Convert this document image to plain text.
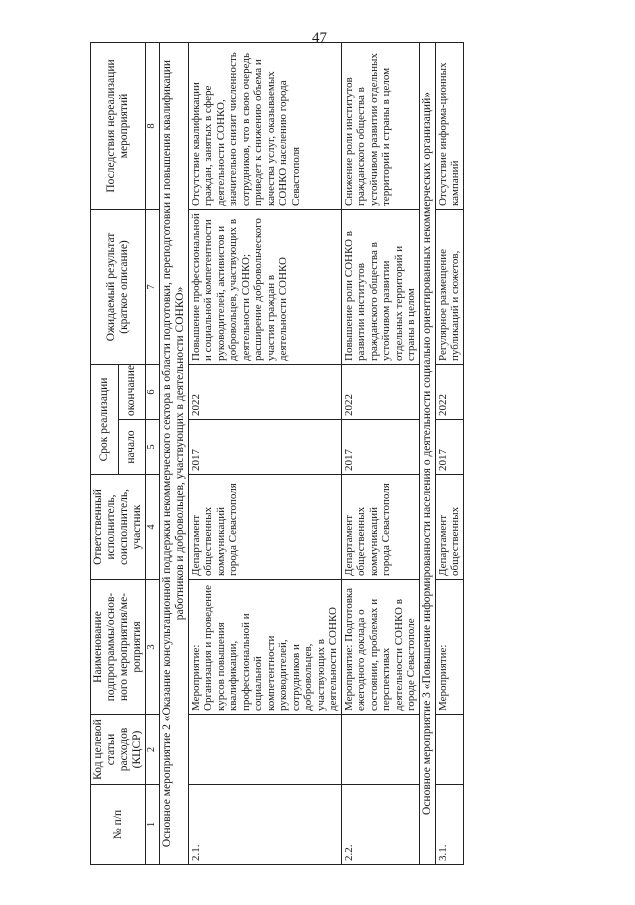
47
№ п/п	Код целевой статьи расходов (КЦСР)	Наименование подпрограммы/основ-ного мероприятия/ме-роприятия	Ответственный исполнитель, соисполнитель, участник	Срок реализации		Ожидаемый результат (краткое описание)	Последствия нереализации мероприятий
				начало	окончание		
1	2	3	4	5	6	7	8
Основное мероприятие 2 «Оказание консультационной поддержки некоммерческого сектора в области подготовки, переподготовки и повышения квалификации работников и добровольцев, участвующих в деятельности СОНКО»							
2.1.		Мероприятие: Организация и проведение курсов повышения квалификации, профессиональной и социальной компетентности руководителей, сотрудников и добровольцев, участвующих в деятельности СОНКО	Департамент общественных коммуникаций города Севастополя	2017	2022	Повышение профессиональной и социальной компетентности руководителей, активистов и добровольцев, участвующих в деятельности СОНКО; расширение добровольческого участия граждан в деятельности СОНКО	Отсутствие квалификации граждан, занятых в сфере деятельности СОНКО, значительно снизит численность сотрудников, что в свою очередь приведет к снижению объема и качества услуг, оказываемых СОНКО населению города Севастополя
2.2.		Мероприятие: Подготовка ежегодного доклада о состоянии, проблемах и перспективах деятельности СОНКО в городе Севастополе	Департамент общественных коммуникаций города Севастополя	2017	2022	Повышение роли СОНКО в развитии институтов гражданского общества в устойчивом развитии отдельных территорий и страны в целом	Снижение роли институтов гражданского общества в устойчивом развитии отдельных территорий и страны в целом
Основное мероприятие 3 «Повышение информированности населения о деятельности социально ориентированных некоммерческих организаций»							
3.1.		Мероприятие:	Департамент общественных	2017	2022	Регулярное размещение публикаций и сюжетов,	Отсутствие информа-ционных кампаний
